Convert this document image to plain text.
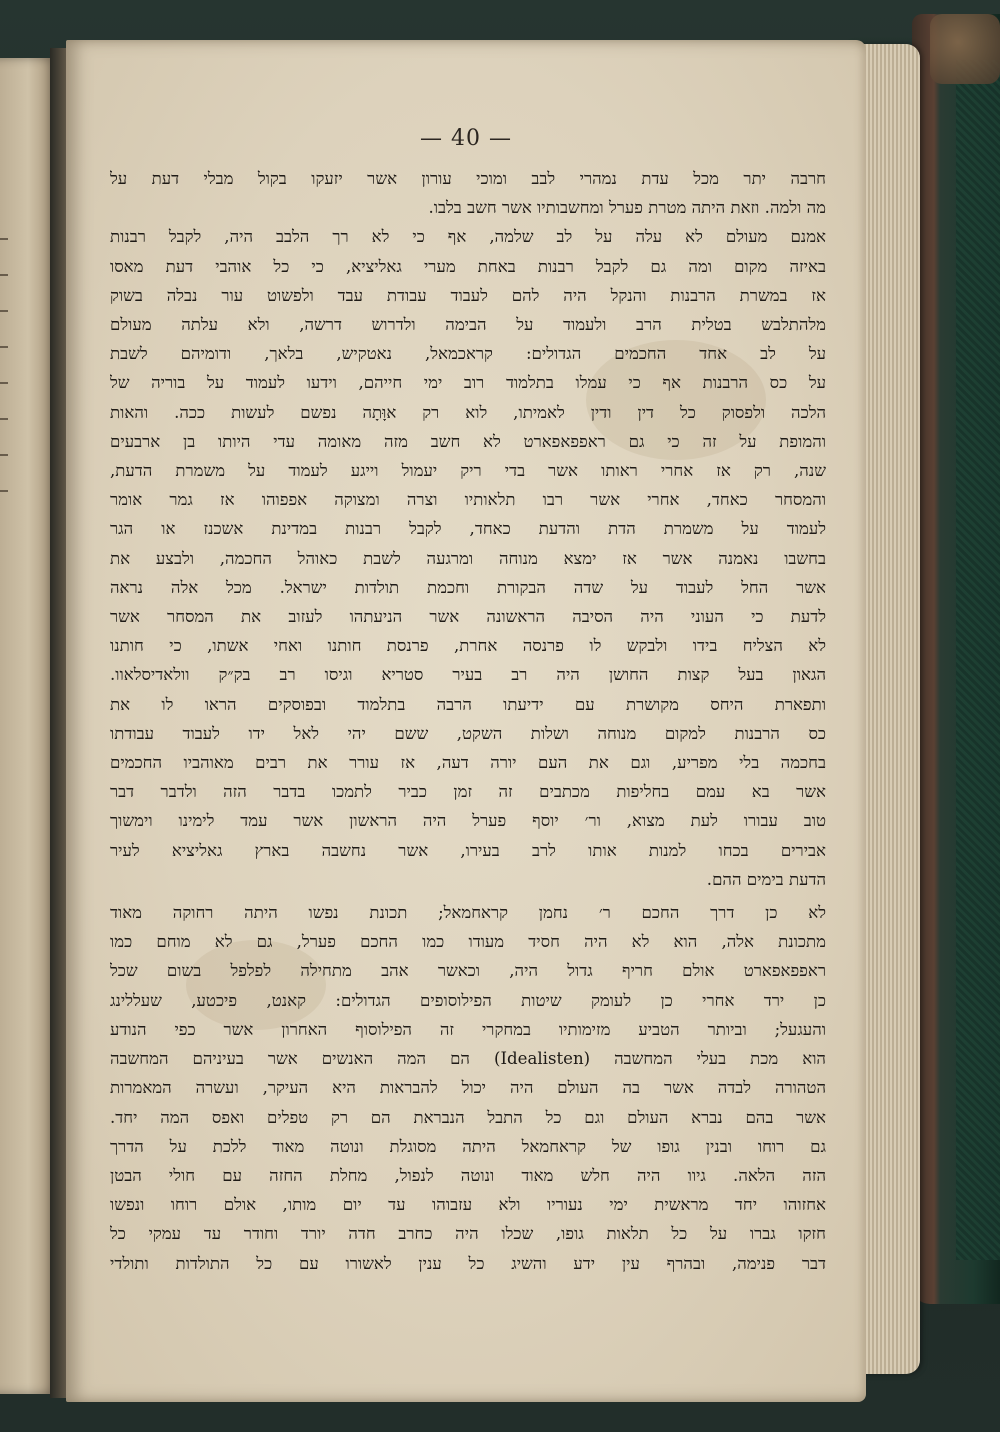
— 40 —
חרבה יתר מכל עדת נמהרי לבב ומוכי עורון אשר יזעקו בקול מבלי דעת על
מה ולמה. וזאת היתה מטרת פערל ומחשבותיו אשר חשב בלבו.
אמנם מעולם לא עלה על לב שלמה, אף כי לא רך הלבב היה, לקבל רבנות
באיזה מקום ומה גם לקבל רבנות באחת מערי גאליציא, כי כל אוהבי דעת מאסו
אז במשרת הרבנות והנקל היה להם לעבוד עבודת עבד ולפשוט עור נבלה בשוק
מלהתלבש בטלית הרב ולעמוד על הבימה ולדרוש דרשה, ולא עלתה מעולם
על לב אחד החכמים הגדולים: קראכמאל, נאטקיש, בלאך, ודומיהם לשבת
על כס הרבנות אף כי עמלו בתלמוד רוב ימי חייהם, וידעו לעמוד על בוריה של
הלכה ולפסוק כל דין ודין לאמיתו, לוא רק אוָּתָה נפשם לעשות ככה. והאות
והמופת על זה כי גם ראפפאפארט לא חשב מזה מאומה עדי היותו בן ארבעים
שנה, רק אז אחרי ראותו אשר בדי ריק יעמול וייגע לעמוד על משמרת הדעת,
והמסחר כאחד, אחרי אשר רבו תלאותיו וצרה ומצוקה אפפוהו אז גמר אומר
לעמוד על משמרת הדת והדעת כאחד, לקבל רבנות במדינת אשכנז או הגר
בחשבו נאמנה אשר אז ימצא מנוחה ומרגעה לשבת כאוהל החכמה, ולבצע את
אשר החל לעבוד על שדה הבקורת וחכמת תולדות ישראל. מכל אלה נראה
לדעת כי העוני היה הסיבה הראשונה אשר הניעתהו לעזוב את המסחר אשר
לא הצליח בידו ולבקש לו פרנסה אחרת, פרנסת חותנו ואחי אשתו, כי חותנו
הגאון בעל קצות החושן היה רב בעיר סטריא וגיסו רב בק״ק וולאדיסלאוו.
ותפארת היחס מקושרת עם ידיעתו הרבה בתלמוד ובפוסקים הראו לו את
כס הרבנות למקום מנוחה ושלות השקט, ששם יהי לאל ידו לעבוד עבודתו
בחכמה בלי מפריע, וגם את העם יורה דעה, אז עורר את רבים מאוהביו החכמים
אשר בא עמם בחליפות מכתבים זה זמן כביר לתמכו בדבר הזה ולדבר דבר
טוב עבורו לעת מצוא, ור׳ יוסף פערל היה הראשון אשר עמד לימינו וימשוך
אבירים בכחו למנות אותו לרב בעירו, אשר נחשבה בארץ גאליציא לעיר
הדעת בימים ההם.
לא כן דרך החכם ר׳ נחמן קראחמאל; תכונת נפשו היתה רחוקה מאוד
מתכונת אלה, הוא לא היה חסיד מעודו כמו החכם פערל, גם לא מוחם כמו
ראפפאפארט אולם חריף גדול היה, וכאשר אהב מתחילה לפלפל בשום שכל
כן ירד אחרי כן לעומק שיטות הפילוסופים הגדולים: קאנט, פיכטע, שעללינג
והעגעל; וביותר הטביע מזימותיו במחקרי זה הפילוסוף האחרון אשר כפי הנודע
הוא מכת בעלי המחשבה (Idealisten) הם המה האנשים אשר בעיניהם המחשבה
הטהורה לבדה אשר בה העולם היה יכול להבראות היא העיקר, ועשרה המאמרות
אשר בהם נברא העולם וגם כל התבל הנבראת הם רק טפלים ואפס המה יחד.
גם רוחו ובנין גופו של קראחמאל היתה מסוגלת ונוטה מאוד ללכת על הדרך
הזה הלאה. גיוו היה חלש מאוד ונוטה לנפול, מחלת החזה עם חולי הבטן
אחזוהו יחד מראשית ימי נעוריו ולא עזבוהו עד יום מותו, אולם רוחו ונפשו
חזקו גברו על כל תלאות גופו, שכלו היה כחרב חדה יורד וחודר עד עמקי כל
דבר פנימה, ובהרף עין ידע והשיג כל ענין לאשורו עם כל התולדות ותולדי
